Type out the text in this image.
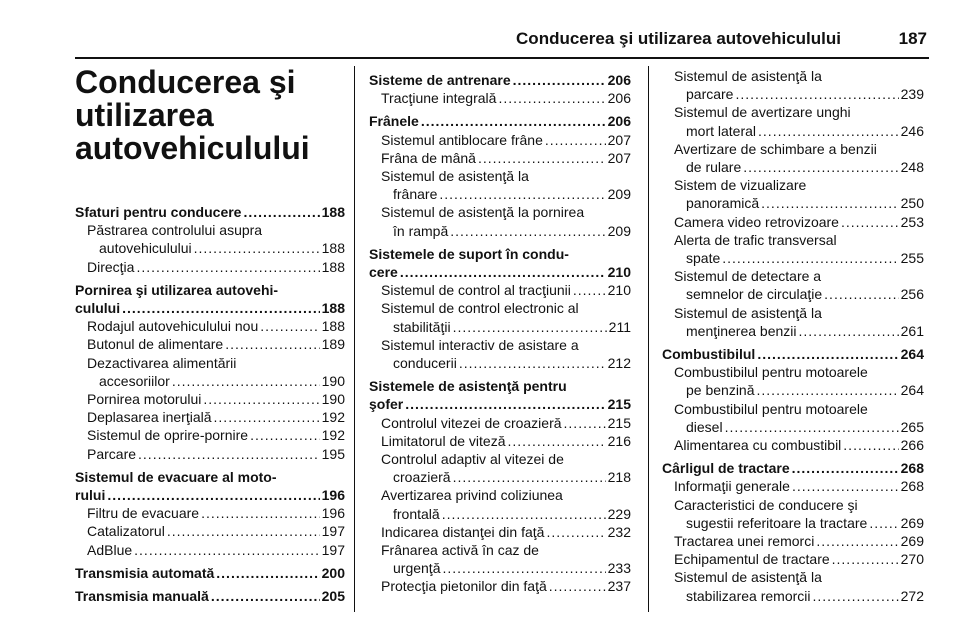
Conducerea şi utilizarea autovehiculului	187
Conducerea şi utilizarea autovehiculului
Sfaturi pentru conducere .....	188
Păstrarea controlului asupra
autovehiculului .....	188
Direcţia .....	188
Pornirea şi utilizarea autovehi-
culului .....	188
Rodajul autovehiculului nou .....	188
Butonul de alimentare .....	189
Dezactivarea alimentării
accesoriilor .....	190
Pornirea motorului .....	190
Deplasarea inerţială .....	192
Sistemul de oprire-pornire .....	192
Parcare .....	195
Sistemul de evacuare al moto-
rului .....	196
Filtru de evacuare .....	196
Catalizatorul .....	197
AdBlue .....	197
Transmisia automată .....	200
Transmisia manuală .....	205
Sisteme de antrenare .....	206
Tracţiune integrală .....	206
Frânele .....	206
Sistemul antiblocare frâne .....	207
Frâna de mână .....	207
Sistemul de asistenţă la
frânare .....	209
Sistemul de asistenţă la pornirea
în rampă .....	209
Sistemele de suport în condu-
cere .....	210
Sistemul de control al tracţiunii .....	210
Sistemul de control electronic al
stabilităţii .....	211
Sistemul interactiv de asistare a
conducerii .....	212
Sistemele de asistenţă pentru
şofer .....	215
Controlul vitezei de croazieră .....	215
Limitatorul de viteză .....	216
Controlul adaptiv al vitezei de
croazieră .....	218
Avertizarea privind coliziunea
frontală .....	229
Indicarea distanţei din faţă .....	232
Frânarea activă în caz de
urgenţă .....	233
Protecţia pietonilor din faţă .....	237
Sistemul de asistenţă la
parcare .....	239
Sistemul de avertizare unghi
mort lateral .....	246
Avertizare de schimbare a benzii
de rulare .....	248
Sistem de vizualizare
panoramică .....	250
Camera video retrovizoare .....	253
Alerta de trafic transversal
spate .....	255
Sistemul de detectare a
semnelor de circulaţie .....	256
Sistemul de asistenţă la
menţinerea benzii .....	261
Combustibilul .....	264
Combustibilul pentru motoarele
pe benzină .....	264
Combustibilul pentru motoarele
diesel .....	265
Alimentarea cu combustibil .....	266
Cârligul de tractare .....	268
Informaţii generale .....	268
Caracteristici de conducere şi
sugestii referitoare la tractare ..... 269
Tractarea unei remorci .....	269
Echipamentul de tractare .....	270
Sistemul de asistenţă la
stabilizarea remorcii .....	272
